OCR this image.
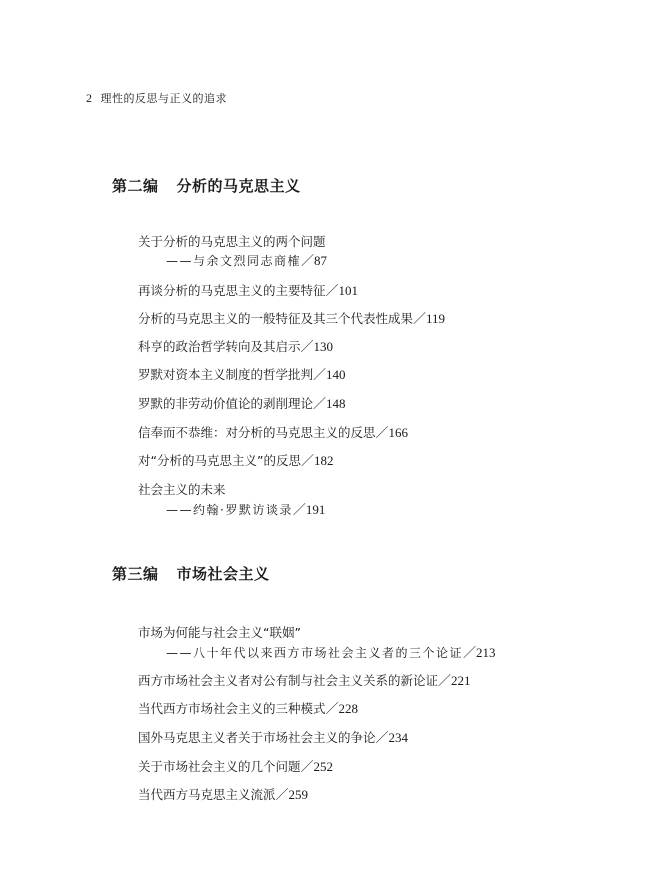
2 理性的反思与正义的追求
第二编 分析的马克思主义
关于分析的马克思主义的两个问题
——与余文烈同志商榷／87
再谈分析的马克思主义的主要特征／101
分析的马克思主义的一般特征及其三个代表性成果／119
科亨的政治哲学转向及其启示／130
罗默对资本主义制度的哲学批判／140
罗默的非劳动价值论的剥削理论／148
信奉而不恭维：对分析的马克思主义的反思／166
对“分析的马克思主义”的反思／182
社会主义的未来
——约翰·罗默访谈录／191
第三编 市场社会主义
市场为何能与社会主义“联姻”
——八十年代以来西方市场社会主义者的三个论证／213
西方市场社会主义者对公有制与社会主义关系的新论证／221
当代西方市场社会主义的三种模式／228
国外马克思主义者关于市场社会主义的争论／234
关于市场社会主义的几个问题／252
当代西方马克思主义流派／259
